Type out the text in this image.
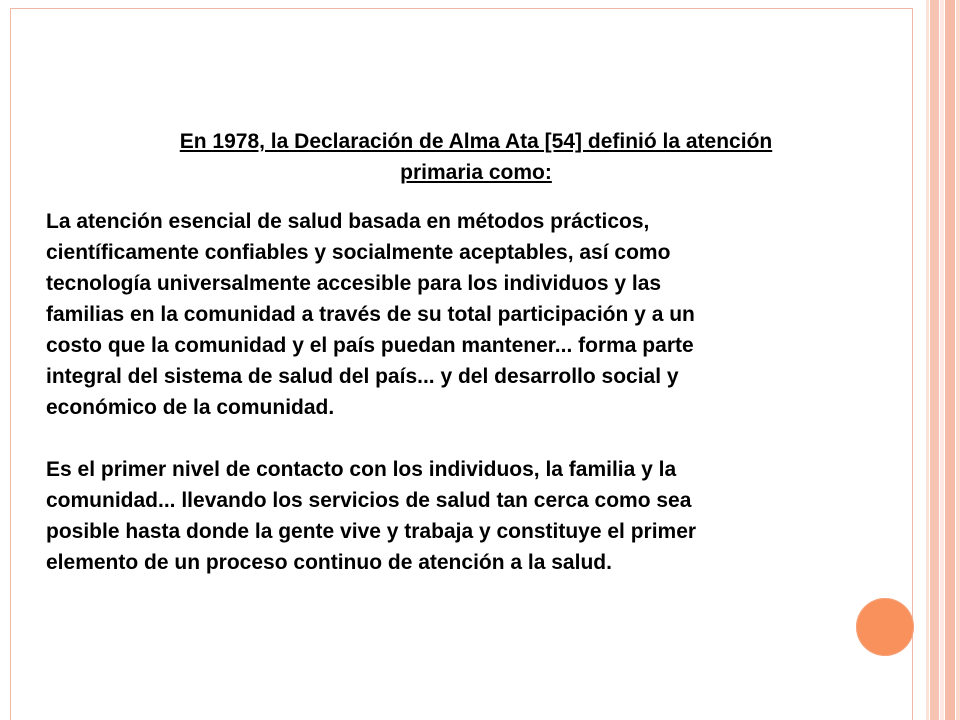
En 1978, la Declaración de Alma Ata [54] definió la atención
primaria como:
La atención esencial de salud basada en métodos prácticos,
científicamente confiables y socialmente aceptables, así como
tecnología universalmente accesible para los individuos y las
familias en la comunidad a través de su total participación y a un
costo que la comunidad y el país puedan mantener... forma parte
integral del sistema de salud del país... y del desarrollo social y
económico de la comunidad.
Es el primer nivel de contacto con los individuos, la familia y la
comunidad... llevando los servicios de salud tan cerca como sea
posible hasta donde la gente vive y trabaja y constituye el primer
elemento de un proceso continuo de atención a la salud.
